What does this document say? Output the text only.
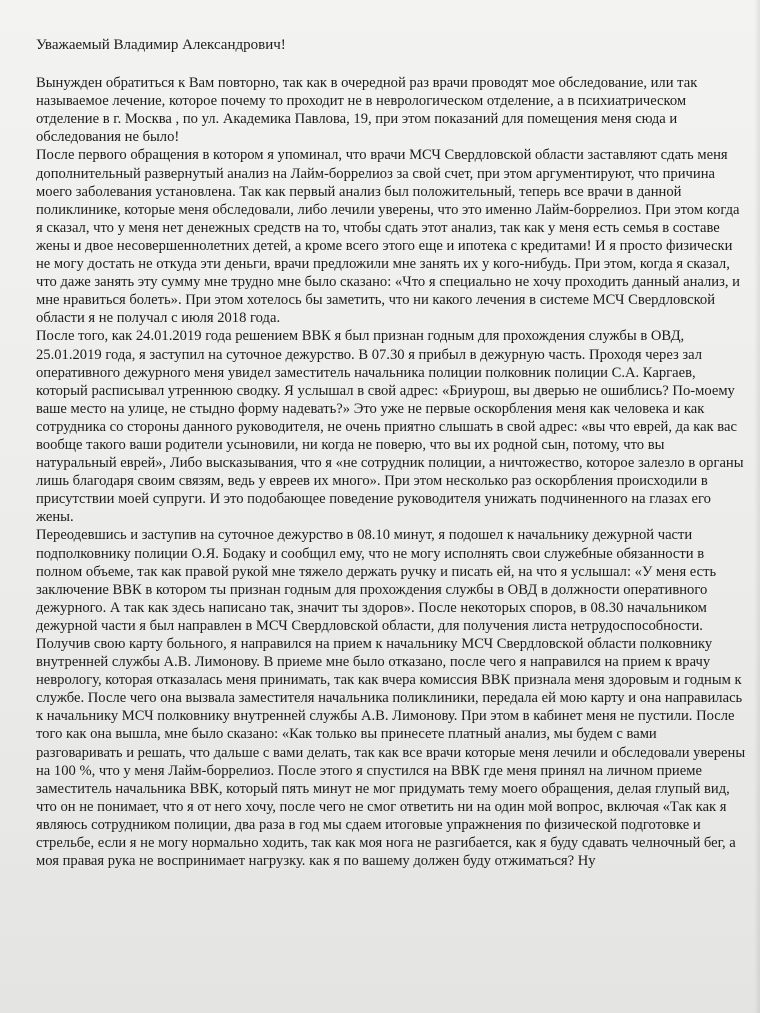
Уважаемый Владимир Александрович!

Вынужден обратиться к Вам повторно, так как в очередной раз врачи проводят мое обследование, или так называемое лечение, которое почему то проходит не в неврологическом отделение, а в психиатрическом отделение в г. Москва , по ул. Академика Павлова, 19, при этом показаний для помещения меня сюда и обследования не было!

После первого обращения в котором я упоминал, что врачи МСЧ Свердловской области заставляют сдать меня дополнительный развернутый анализ на Лайм-боррелиоз за свой счет, при этом аргументируют, что причина моего заболевания установлена. Так как первый анализ был положительный, теперь все врачи в данной поликлинике, которые меня обследовали, либо лечили уверены, что это именно Лайм-боррелиоз. При этом когда я сказал, что у меня нет денежных средств на то, чтобы сдать этот анализ, так как у меня есть семья в составе жены и двое несовершеннолетних детей, а кроме всего этого еще и ипотека с кредитами! И я просто физически не могу достать не откуда эти деньги, врачи предложили мне занять их у кого-нибудь. При этом, когда я сказал, что даже занять эту сумму мне трудно мне было сказано: «Что я специально не хочу проходить данный анализ, и мне нравиться болеть». При этом хотелось бы заметить, что ни какого лечения в системе МСЧ Свердловской области я не получал с июля 2018 года.

После того, как 24.01.2019 года решением ВВК я был признан годным для прохождения службы в ОВД, 25.01.2019 года, я заступил на суточное дежурство. В 07.30 я прибыл в дежурную часть. Проходя через зал оперативного дежурного меня увидел заместитель начальника полиции полковник полиции С.А. Каргаев, который расписывал утреннюю сводку. Я услышал в свой адрес: «Бриурош, вы дверью не ошиблись? По-моему ваше место на улице, не стыдно форму надевать?» Это уже не первые оскорбления меня как человека и как сотрудника со стороны данного руководителя, не очень приятно слышать в свой адрес: «вы что еврей, да как вас вообще такого ваши родители усыновили, ни когда не поверю, что вы их родной сын, потому, что вы натуральный еврей», Либо высказывания, что я «не сотрудник полиции, а ничтожество, которое залезло в органы лишь благодаря своим связям, ведь у евреев их много». При этом несколько раз оскорбления происходили в присутствии моей супруги. И это подобающее поведение руководителя унижать подчиненного на глазах его жены.

Переодевшись и заступив на суточное дежурство в 08.10 минут, я подошел к начальнику дежурной части подполковнику полиции О.Я. Бодаку и сообщил ему, что не могу исполнять свои служебные обязанности в полном объеме, так как правой рукой мне тяжело держать ручку и писать ей, на что я услышал: «У меня есть заключение ВВК в котором ты признан годным для прохождения службы в ОВД в должности оперативного дежурного. А так как здесь написано так, значит ты здоров». После некоторых споров, в 08.30 начальником дежурной части я был направлен в МСЧ Свердловской области, для получения листа нетрудоспособности. Получив свою карту больного, я направился на прием к начальнику МСЧ Свердловской области полковнику внутренней службы А.В. Лимонову. В приеме мне было отказано, после чего я направился на прием к врачу неврологу, которая отказалась меня принимать, так как вчера комиссия ВВК признала меня здоровым и годным к службе. После чего она вызвала заместителя начальника поликлиники, передала ей мою карту и она направилась к начальнику МСЧ полковнику внутренней службы А.В. Лимонову. При этом в кабинет меня не пустили. После того как она вышла, мне было сказано: «Как только вы принесете платный анализ, мы будем с вами разговаривать и решать, что дальше с вами делать, так как все врачи которые меня лечили и обследовали уверены на 100 %, что у меня Лайм-боррелиоз. После этого я спустился на ВВК где меня принял на личном приеме заместитель начальника ВВК, который пять минут не мог придумать тему моего обращения, делая глупый вид, что он не понимает, что я от него хочу, после чего не смог ответить ни на один мой вопрос, включая «Так как я являюсь сотрудником полиции, два раза в год мы сдаем итоговые упражнения по физической подготовке и стрельбе, если я не могу нормально ходить, так как моя нога не разгибается, как я буду сдавать челночный бег, а моя правая рука не воспринимает нагрузку. как я по вашему должен буду отжиматься? Ну
